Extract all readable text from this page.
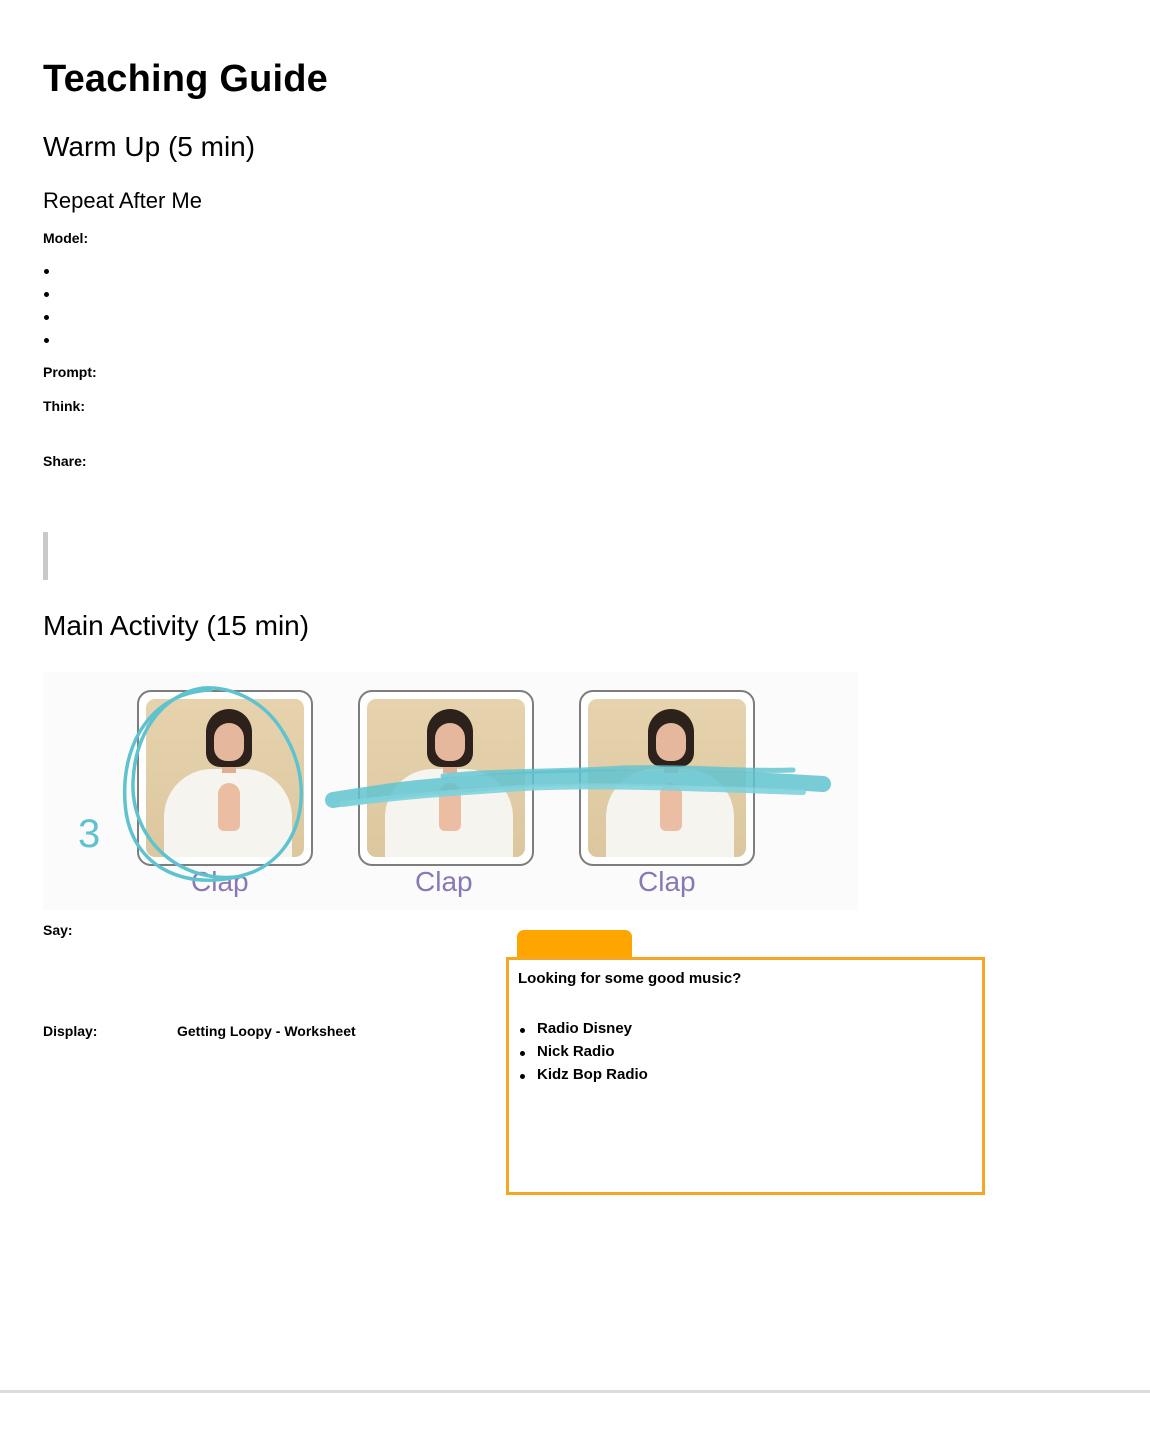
Teaching Guide
Warm Up (5 min)
Repeat After Me
Model:
Prompt:
Think:
Share:
Main Activity (15 min)
3
Clap	Clap	Clap
Say:
Display:	Getting Loopy - Worksheet
Looking for some good music?
Radio Disney
Nick Radio
Kidz Bop Radio
